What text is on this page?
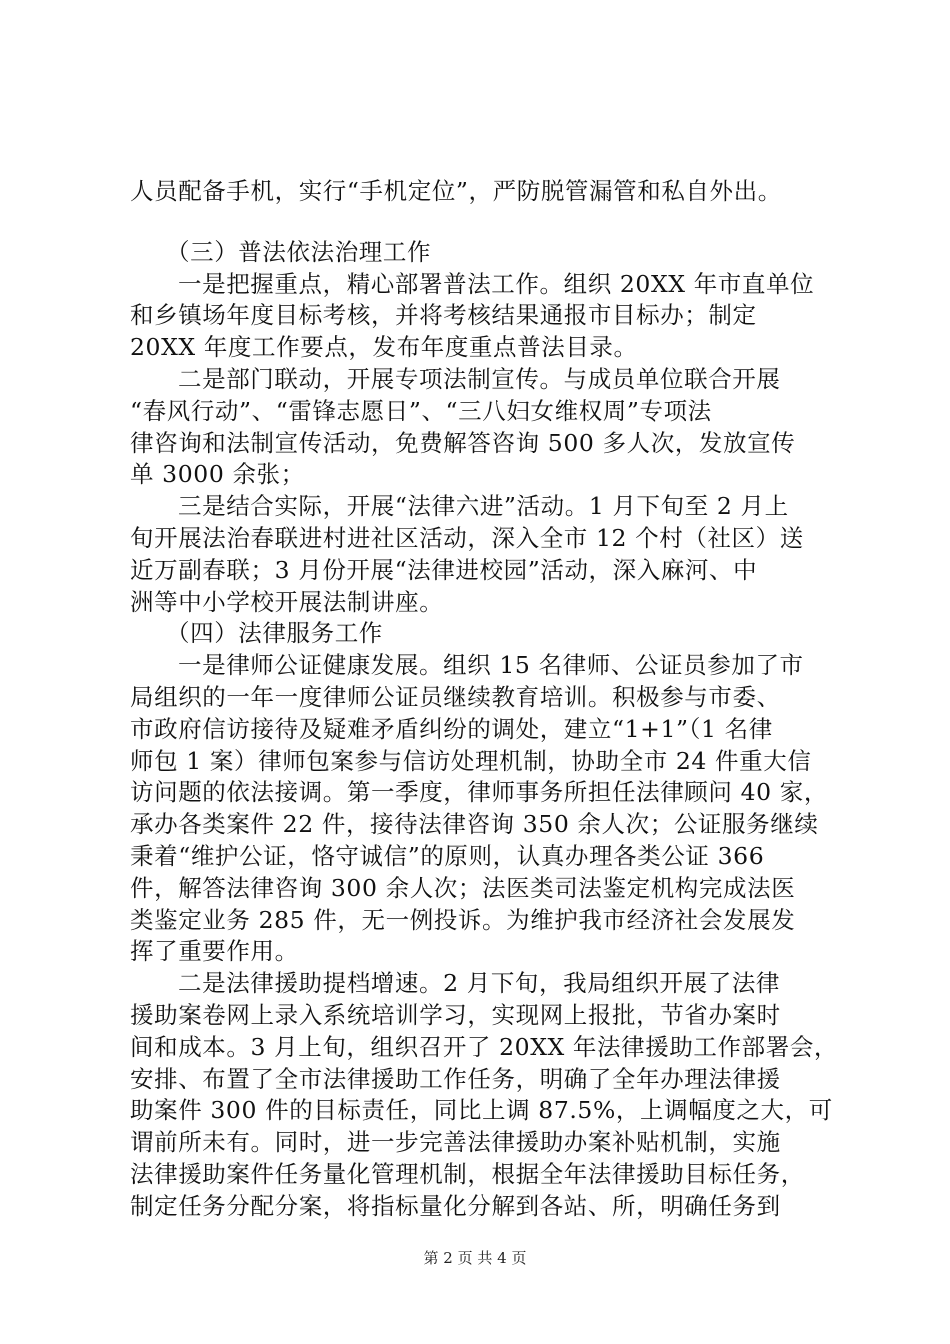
人员配备手机，实行“手机定位”，严防脱管漏管和私自外出。
（三）普法依法治理工作
一是把握重点，精心部署普法工作。组织 20XX 年市直单位
和乡镇场年度目标考核，并将考核结果通报市目标办；制定
20XX 年度工作要点，发布年度重点普法目录。
二是部门联动，开展专项法制宣传。与成员单位联合开展
“春风行动”、“雷锋志愿日”、“三八妇女维权周”专项法
律咨询和法制宣传活动，免费解答咨询 500 多人次，发放宣传
单 3000 余张；
三是结合实际，开展“法律六进”活动。1 月下旬至 2 月上
旬开展法治春联进村进社区活动，深入全市 12 个村（社区）送
近万副春联；3 月份开展“法律进校园”活动，深入麻河、中
洲等中小学校开展法制讲座。
（四）法律服务工作
一是律师公证健康发展。组织 15 名律师、公证员参加了市
局组织的一年一度律师公证员继续教育培训。积极参与市委、
市政府信访接待及疑难矛盾纠纷的调处，建立“1+1”（1 名律
师包 1 案）律师包案参与信访处理机制，协助全市 24 件重大信
访问题的依法接调。第一季度，律师事务所担任法律顾问 40 家，
承办各类案件 22 件，接待法律咨询 350 余人次；公证服务继续
秉着“维护公证，恪守诚信”的原则，认真办理各类公证 366
件，解答法律咨询 300 余人次；法医类司法鉴定机构完成法医
类鉴定业务 285 件，无一例投诉。为维护我市经济社会发展发
挥了重要作用。
二是法律援助提档增速。2 月下旬，我局组织开展了法律
援助案卷网上录入系统培训学习，实现网上报批，节省办案时
间和成本。3 月上旬，组织召开了 20XX 年法律援助工作部署会，
安排、布置了全市法律援助工作任务，明确了全年办理法律援
助案件 300 件的目标责任，同比上调 87.5%，上调幅度之大，可
谓前所未有。同时，进一步完善法律援助办案补贴机制，实施
法律援助案件任务量化管理机制，根据全年法律援助目标任务，
制定任务分配分案，将指标量化分解到各站、所，明确任务到
第 2 页 共 4 页
